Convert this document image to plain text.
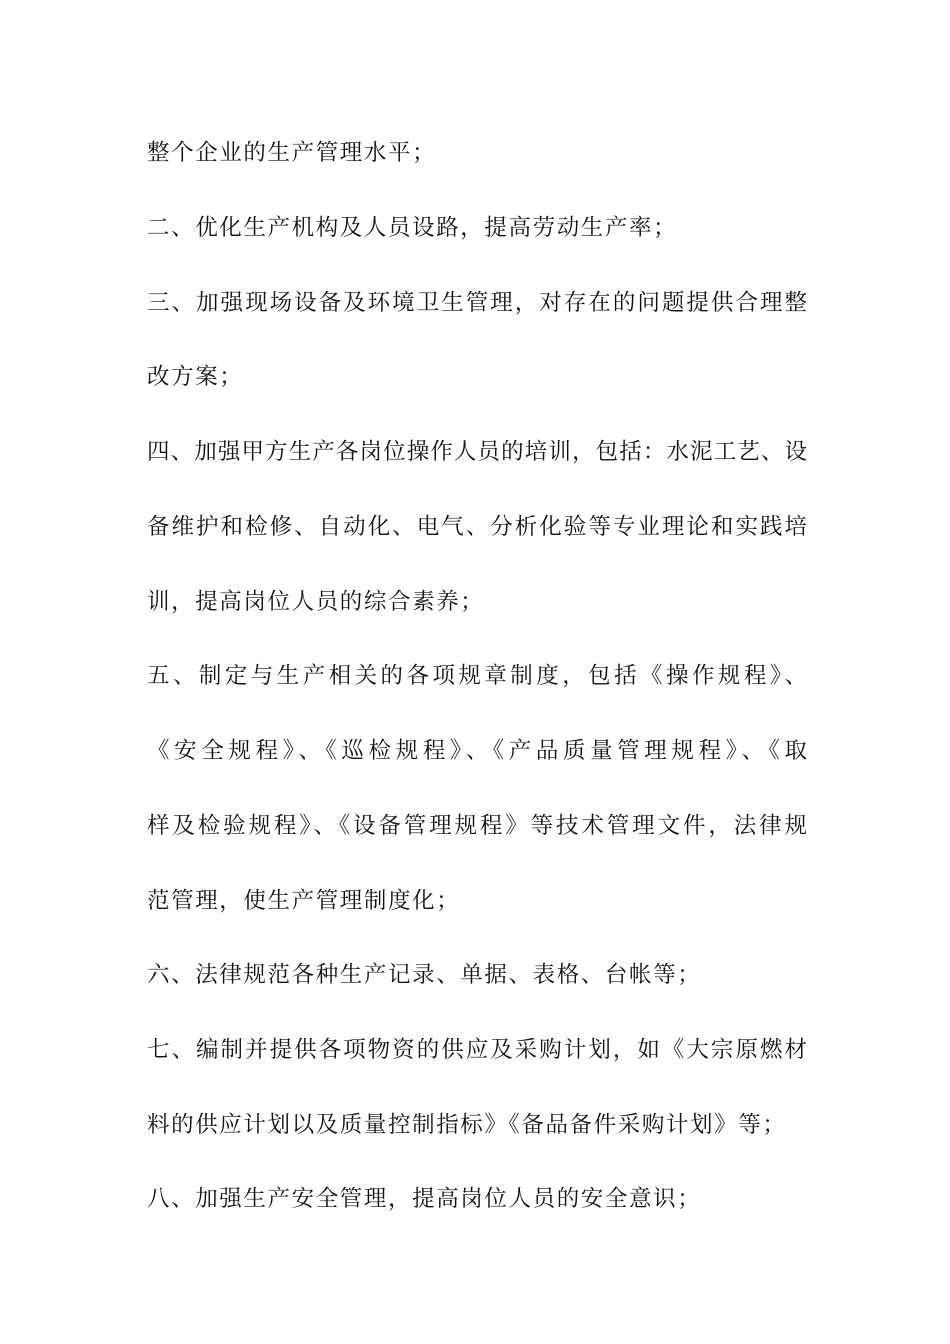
整个企业的生产管理水平；
二、优化生产机构及人员设路，提高劳动生产率；
三、加强现场设备及环境卫生管理，对存在的问题提供合理整
改方案；
四、加强甲方生产各岗位操作人员的培训，包括：水泥工艺、设
备维护和检修、自动化、电气、分析化验等专业理论和实践培
训，提高岗位人员的综合素养；
五、制定与生产相关的各项规章制度，包括《操作规程》、
《安全规程》、《巡检规程》、《产品质量管理规程》、《取
样及检验规程》、《设备管理规程》等技术管理文件，法律规
范管理，使生产管理制度化；
六、法律规范各种生产记录、单据、表格、台帐等；
七、编制并提供各项物资的供应及采购计划，如《大宗原燃材
料的供应计划以及质量控制指标》《备品备件采购计划》等；
八、加强生产安全管理，提高岗位人员的安全意识；
